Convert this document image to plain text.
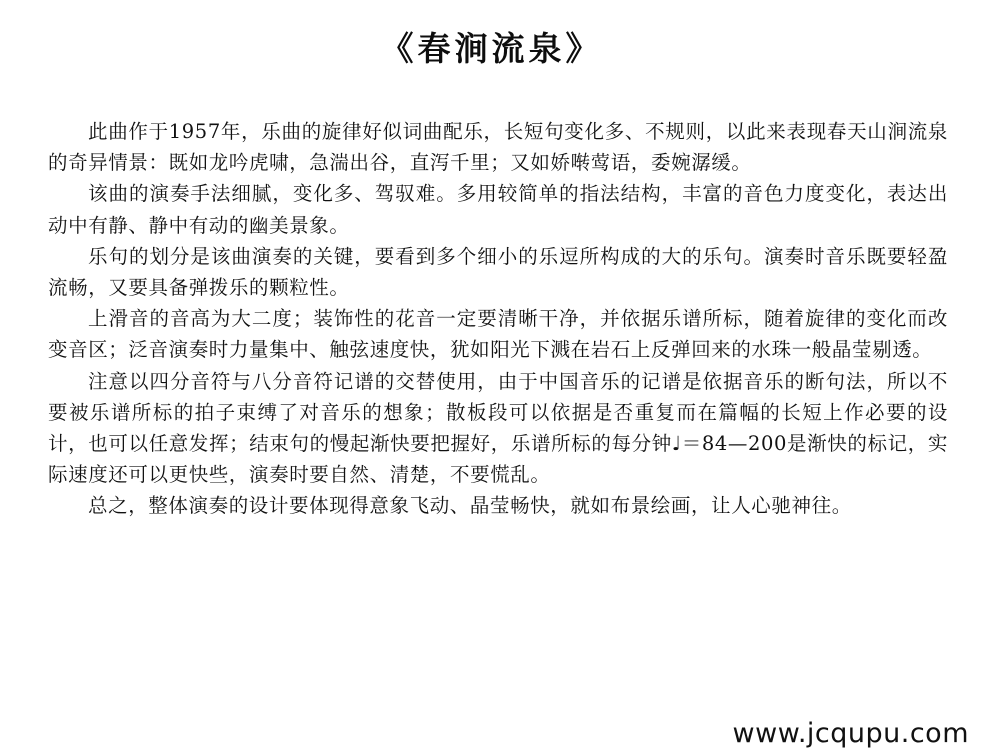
《春涧流泉》

此曲作于1957年，乐曲的旋律好似词曲配乐，长短句变化多、不规则，以此来表现春天山涧流泉的奇异情景：既如龙吟虎啸，急湍出谷，直泻千里；又如娇啭莺语，委婉潺缓。

该曲的演奏手法细腻，变化多、驾驭难。多用较简单的指法结构，丰富的音色力度变化，表达出动中有静、静中有动的幽美景象。

乐句的划分是该曲演奏的关键，要看到多个细小的乐逗所构成的大的乐句。演奏时音乐既要轻盈流畅，又要具备弹拨乐的颗粒性。

上滑音的音高为大二度；装饰性的花音一定要清晰干净，并依据乐谱所标，随着旋律的变化而改变音区；泛音演奏时力量集中、触弦速度快，犹如阳光下溅在岩石上反弹回来的水珠一般晶莹剔透。

注意以四分音符与八分音符记谱的交替使用，由于中国音乐的记谱是依据音乐的断句法，所以不要被乐谱所标的拍子束缚了对音乐的想象；散板段可以依据是否重复而在篇幅的长短上作必要的设计，也可以任意发挥；结束句的慢起渐快要把握好，乐谱所标的每分钟♩＝84—200是渐快的标记，实际速度还可以更快些，演奏时要自然、清楚，不要慌乱。

总之，整体演奏的设计要体现得意象飞动、晶莹畅快，就如布景绘画，让人心驰神往。

www.jcqupu.com
